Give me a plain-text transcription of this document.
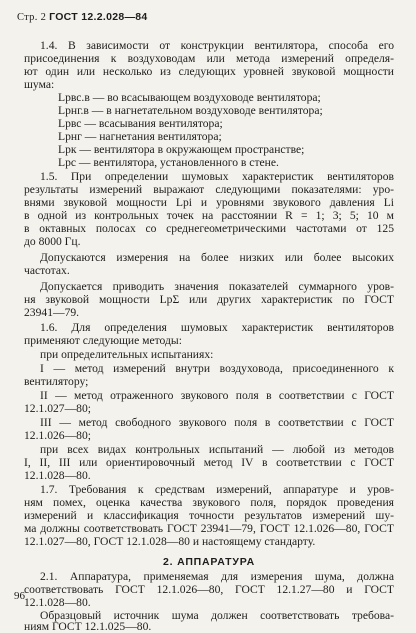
Стр. 2 ГОСТ 12.2.028—84
1.4. В зависимости от конструкции вентилятора, способа его
присоединения к воздуховодам или метода измерений определя-
ют один или несколько из следующих уровней звуковой мощности
шума:
Lpвс.в — во всасывающем воздуховоде вентилятора;
Lpнг.в — в нагнетательном воздуховоде вентилятора;
Lpвс — всасывания вентилятора;
Lpнг — нагнетания вентилятора;
Lpк — вентилятора в окружающем пространстве;
Lpс — вентилятора, установленного в стене.
1.5. При определении шумовых характеристик вентиляторов
результаты измерений выражают следующими показателями: уро-
внями звуковой мощности Lpi и уровнями звукового давления Li
в одной из контрольных точек на расстоянии R = 1; 3; 5; 10 м
в октавных полосах со среднегеометрическими частотами от 125
до 8000 Гц.
Допускаются измерения на более низких или более высоких
частотах.
Допускается приводить значения показателей суммарного уров-
ня звуковой мощности LpΣ или других характеристик по ГОСТ
23941—79.
1.6. Для определения шумовых характеристик вентиляторов
применяют следующие методы:
при определительных испытаниях:
I — метод измерений внутри воздуховода, присоединенного к
вентилятору;
II — метод отраженного звукового поля в соответствии с ГОСТ
12.1.027—80;
III — метод свободного звукового поля в соответствии с ГОСТ
12.1.026—80;
при всех видах контрольных испытаний — любой из методов
I, II, III или ориентировочный метод IV в соответствии с ГОСТ
12.1.028—80.
1.7. Требования к средствам измерений, аппаратуре и уров-
ням помех, оценка качества звукового поля, порядок проведения
измерений и классификация точности результатов измерений шу-
ма должны соответствовать ГОСТ 23941—79, ГОСТ 12.1.026—80, ГОСТ
12.1.027—80, ГОСТ 12.1.028—80 и настоящему стандарту.
2. АППАРАТУРА
2.1. Аппаратура, применяемая для измерения шума, должна
соответствовать ГОСТ 12.1.026—80, ГОСТ 12.1.27—80 и ГОСТ
12.1.028—80.
Образцовый источник шума должен соответствовать требова-
ниям ГОСТ 12.1.025—80.
96
